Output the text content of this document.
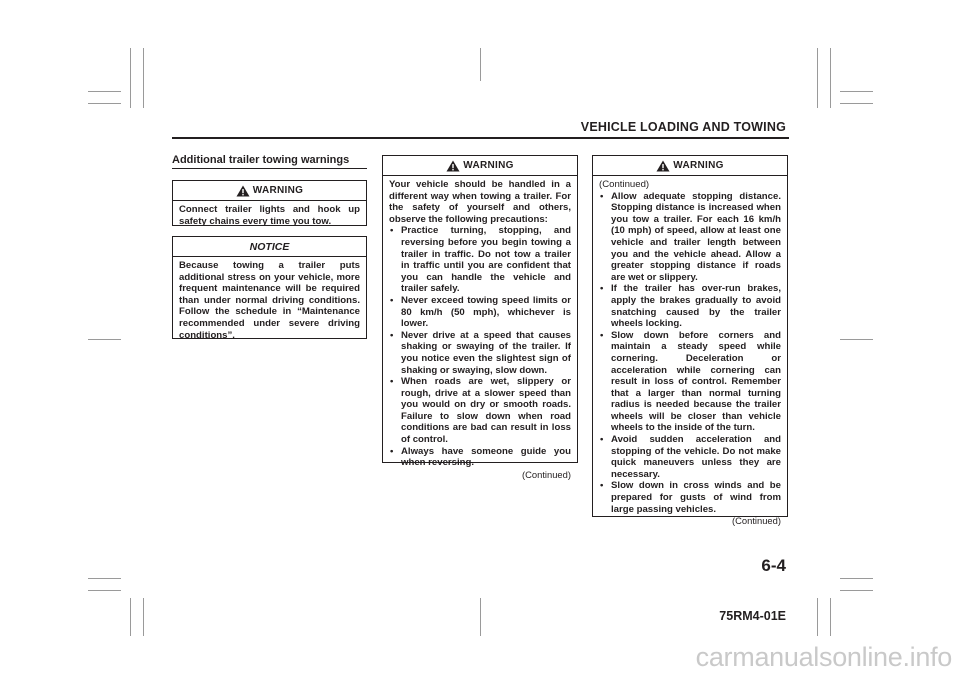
VEHICLE LOADING AND TOWING
Additional trailer towing warnings
WARNING
Connect trailer lights and hook up safety chains every time you tow.
NOTICE
Because towing a trailer puts additional stress on your vehicle, more frequent maintenance will be required than under normal driving conditions. Follow the schedule in “Maintenance recommended under severe driving conditions”.
WARNING
Your vehicle should be handled in a different way when towing a trailer. For the safety of yourself and others, observe the following precautions:
• Practice turning, stopping, and reversing before you begin towing a trailer in traffic. Do not tow a trailer in traffic until you are confident that you can handle the vehicle and trailer safely.
• Never exceed towing speed limits or 80 km/h (50 mph), whichever is lower.
• Never drive at a speed that causes shaking or swaying of the trailer. If you notice even the slightest sign of shaking or swaying, slow down.
• When roads are wet, slippery or rough, drive at a slower speed than you would on dry or smooth roads. Failure to slow down when road conditions are bad can result in loss of control.
• Always have someone guide you when reversing.
(Continued)
WARNING
(Continued)
• Allow adequate stopping distance. Stopping distance is increased when you tow a trailer. For each 16 km/h (10 mph) of speed, allow at least one vehicle and trailer length between you and the vehicle ahead. Allow a greater stopping distance if roads are wet or slippery.
• If the trailer has over-run brakes, apply the brakes gradually to avoid snatching caused by the trailer wheels locking.
• Slow down before corners and maintain a steady speed while cornering. Deceleration or acceleration while cornering can result in loss of control. Remember that a larger than normal turning radius is needed because the trailer wheels will be closer than vehicle wheels to the inside of the turn.
• Avoid sudden acceleration and stopping of the vehicle. Do not make quick maneuvers unless they are necessary.
• Slow down in cross winds and be prepared for gusts of wind from large passing vehicles.
(Continued)
6-4
75RM4-01E
carmanualsonline.info
